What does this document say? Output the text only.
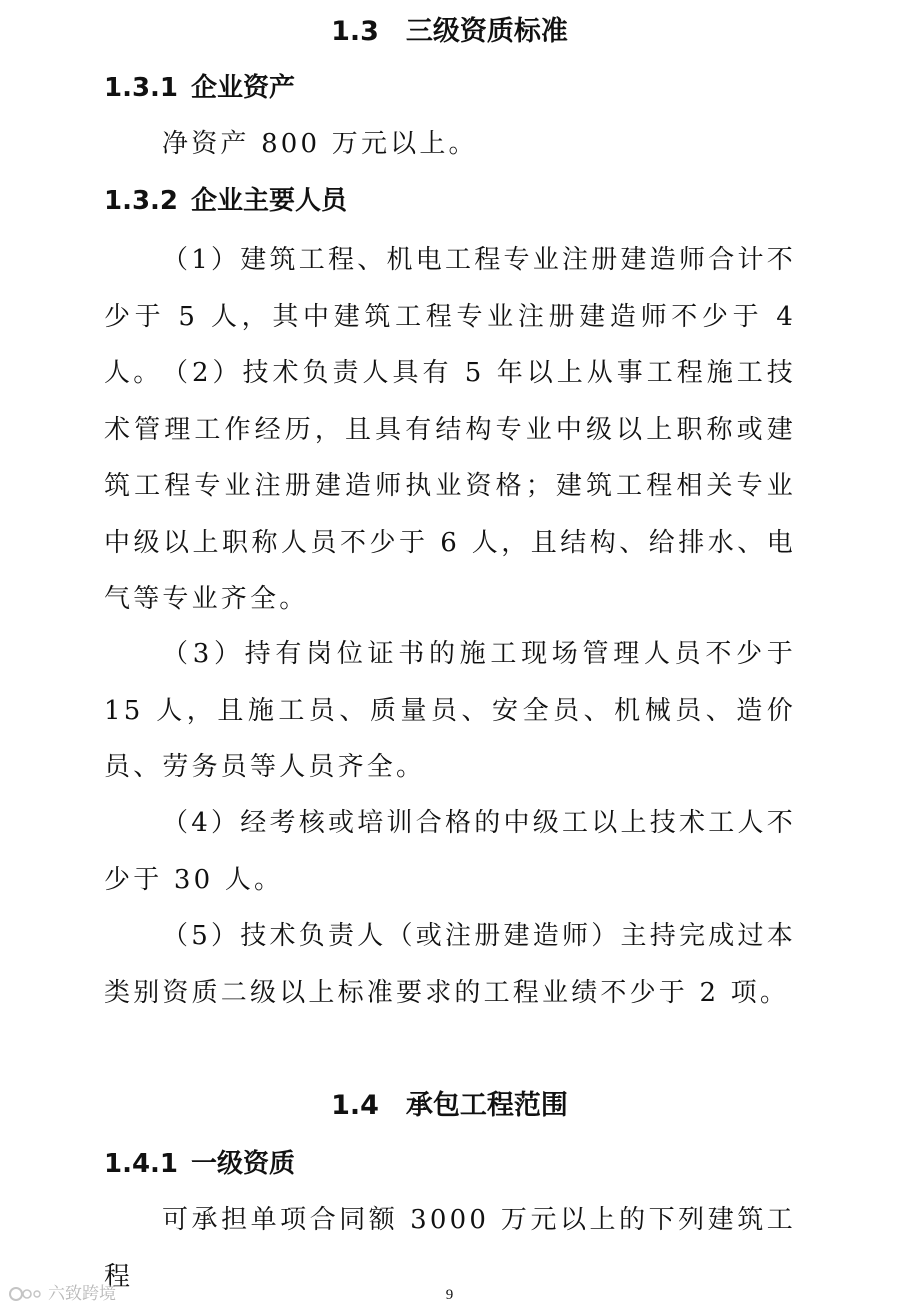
1.3　三级资质标准
1.3.1 企业资产

净资产 800 万元以上。

1.3.2 企业主要人员

（1）建筑工程、机电工程专业注册建造师合计不少于 5 人，其中建筑工程专业注册建造师不少于 4 人。 （2）技术负责人具有 5 年以上从事工程施工技术管理工作经历，且具有结构专业中级以上职称或建筑工程专业注册建造师执业资格；建筑工程相关专业中级以上职称人员不少于 6 人，且结构、给排水、电气等专业齐全。

（3）持有岗位证书的施工现场管理人员不少于 15 人，且施工员、质量员、安全员、机械员、造价员、劳务员等人员齐全。

（4）经考核或培训合格的中级工以上技术工人不少于 30 人。

（5）技术负责人（或注册建造师）主持完成过本类别资质二级以上标准要求的工程业绩不少于 2 项。

1.4　承包工程范围
1.4.1 一级资质

可承担单项合同额 3000 万元以上的下列建筑工程

9
六致跨境
